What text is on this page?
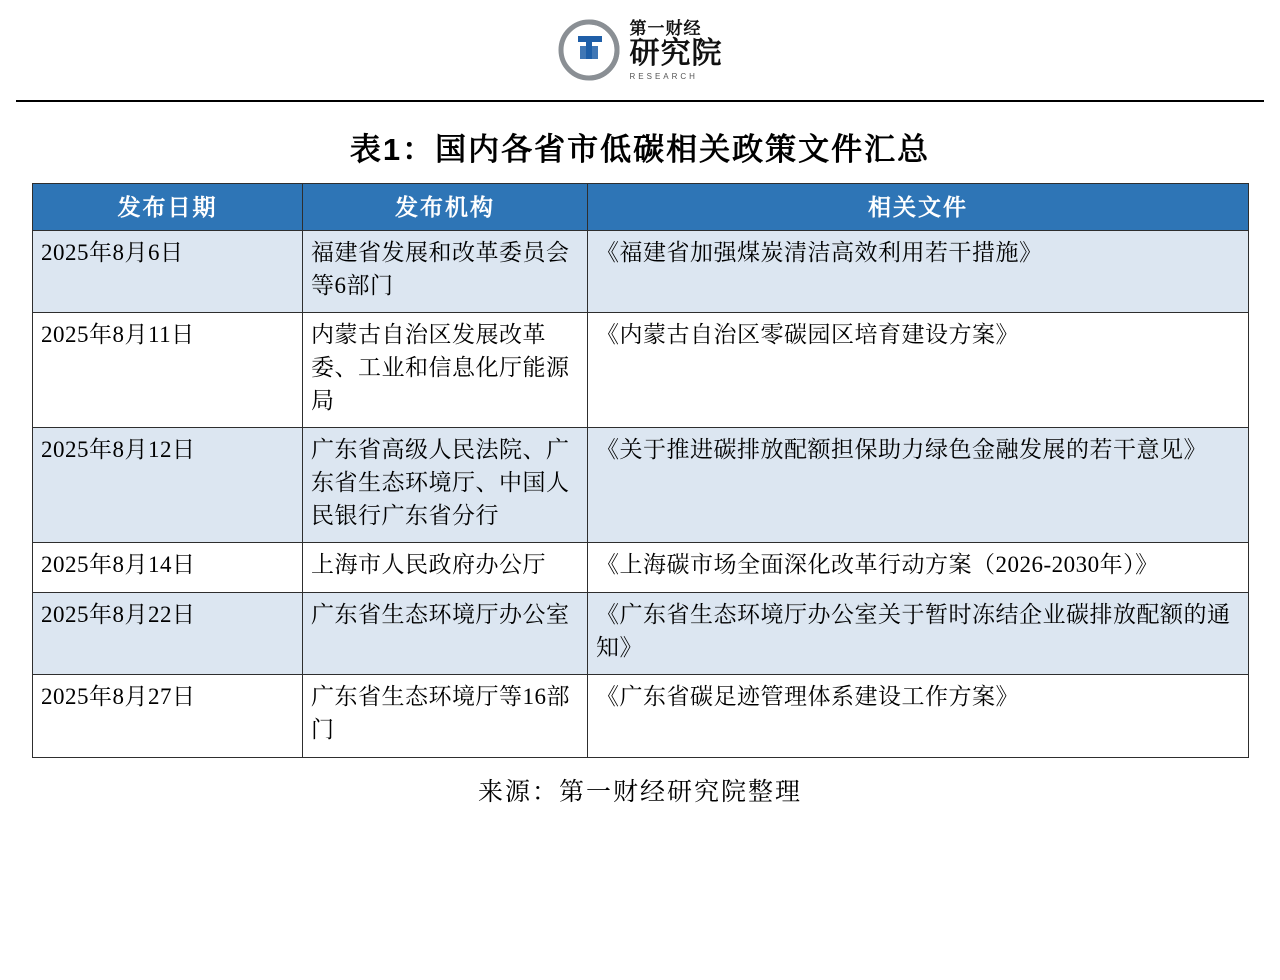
第一财经
研究院
RESEARCH
表1：国内各省市低碳相关政策文件汇总
发布日期	发布机构	相关文件
2025年8月6日	福建省发展和改革委员会等6部门	《福建省加强煤炭清洁高效利用若干措施》
2025年8月11日	内蒙古自治区发展改革委、工业和信息化厅能源局	《内蒙古自治区零碳园区培育建设方案》
2025年8月12日	广东省高级人民法院、广东省生态环境厅、中国人民银行广东省分行	《关于推进碳排放配额担保助力绿色金融发展的若干意见》
2025年8月14日	上海市人民政府办公厅	《上海碳市场全面深化改革行动方案（2026-2030年）》
2025年8月22日	广东省生态环境厅办公室	《广东省生态环境厅办公室关于暂时冻结企业碳排放配额的通知》
2025年8月27日	广东省生态环境厅等16部门	《广东省碳足迹管理体系建设工作方案》
来源：第一财经研究院整理
